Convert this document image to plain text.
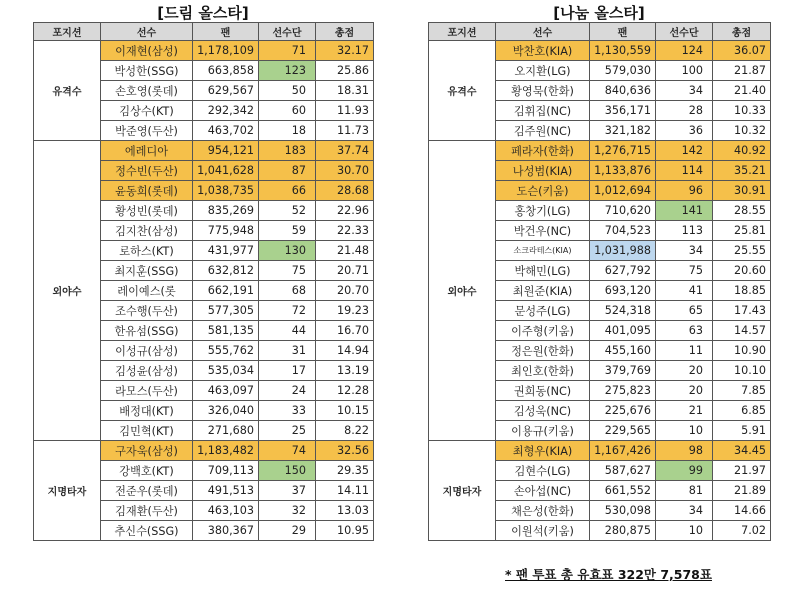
[드림 올스타]
포지션	선수	팬	선수단	총점
유격수	이재현(삼성)	1,178,109	71	32.17
	박성한(SSG)	663,858	123	25.86
	손호영(롯데)	629,567	50	18.31
	김상수(KT)	292,342	60	11.93
	박준영(두산)	463,702	18	11.73
외야수	에레디아	954,121	183	37.74
	정수빈(두산)	1,041,628	87	30.70
	윤동희(롯데)	1,038,735	66	28.68
	황성빈(롯데)	835,269	52	22.96
	김지찬(삼성)	775,948	59	22.33
	로하스(KT)	431,977	130	21.48
	최지훈(SSG)	632,812	75	20.71
	레이예스(롯	662,191	68	20.70
	조수행(두산)	577,305	72	19.23
	한유섬(SSG)	581,135	44	16.70
	이성규(삼성)	555,762	31	14.94
	김성윤(삼성)	535,034	17	13.19
	라모스(두산)	463,097	24	12.28
	배정대(KT)	326,040	33	10.15
	김민혁(KT)	271,680	25	8.22
지명타자	구자욱(삼성)	1,183,482	74	32.56
	강백호(KT)	709,113	150	29.35
	전준우(롯데)	491,513	37	14.11
	김재환(두산)	463,103	32	13.03
	추신수(SSG)	380,367	29	10.95
[나눔 올스타]
포지션	선수	팬	선수단	총점
유격수	박찬호(KIA)	1,130,559	124	36.07
	오지환(LG)	579,030	100	21.87
	황영묵(한화)	840,636	34	21.40
	김휘집(NC)	356,171	28	10.33
	김주원(NC)	321,182	36	10.32
외야수	페라자(한화)	1,276,715	142	40.92
	나성범(KIA)	1,133,876	114	35.21
	도슨(키움)	1,012,694	96	30.91
	홍창기(LG)	710,620	141	28.55
	박건우(NC)	704,523	113	25.81
	소크라테스(KIA)	1,031,988	34	25.55
	박해민(LG)	627,792	75	20.60
	최원준(KIA)	693,120	41	18.85
	문성주(LG)	524,318	65	17.43
	이주형(키움)	401,095	63	14.57
	정은원(한화)	455,160	11	10.90
	최인호(한화)	379,769	20	10.10
	권희동(NC)	275,823	20	7.85
	김성욱(NC)	225,676	21	6.85
	이용규(키움)	229,565	10	5.91
지명타자	최형우(KIA)	1,167,426	98	34.45
	김현수(LG)	587,627	99	21.97
	손아섭(NC)	661,552	81	21.89
	채은성(한화)	530,098	34	14.66
	이원석(키움)	280,875	10	7.02
* 팬 투표 총 유효표 322만 7,578표
